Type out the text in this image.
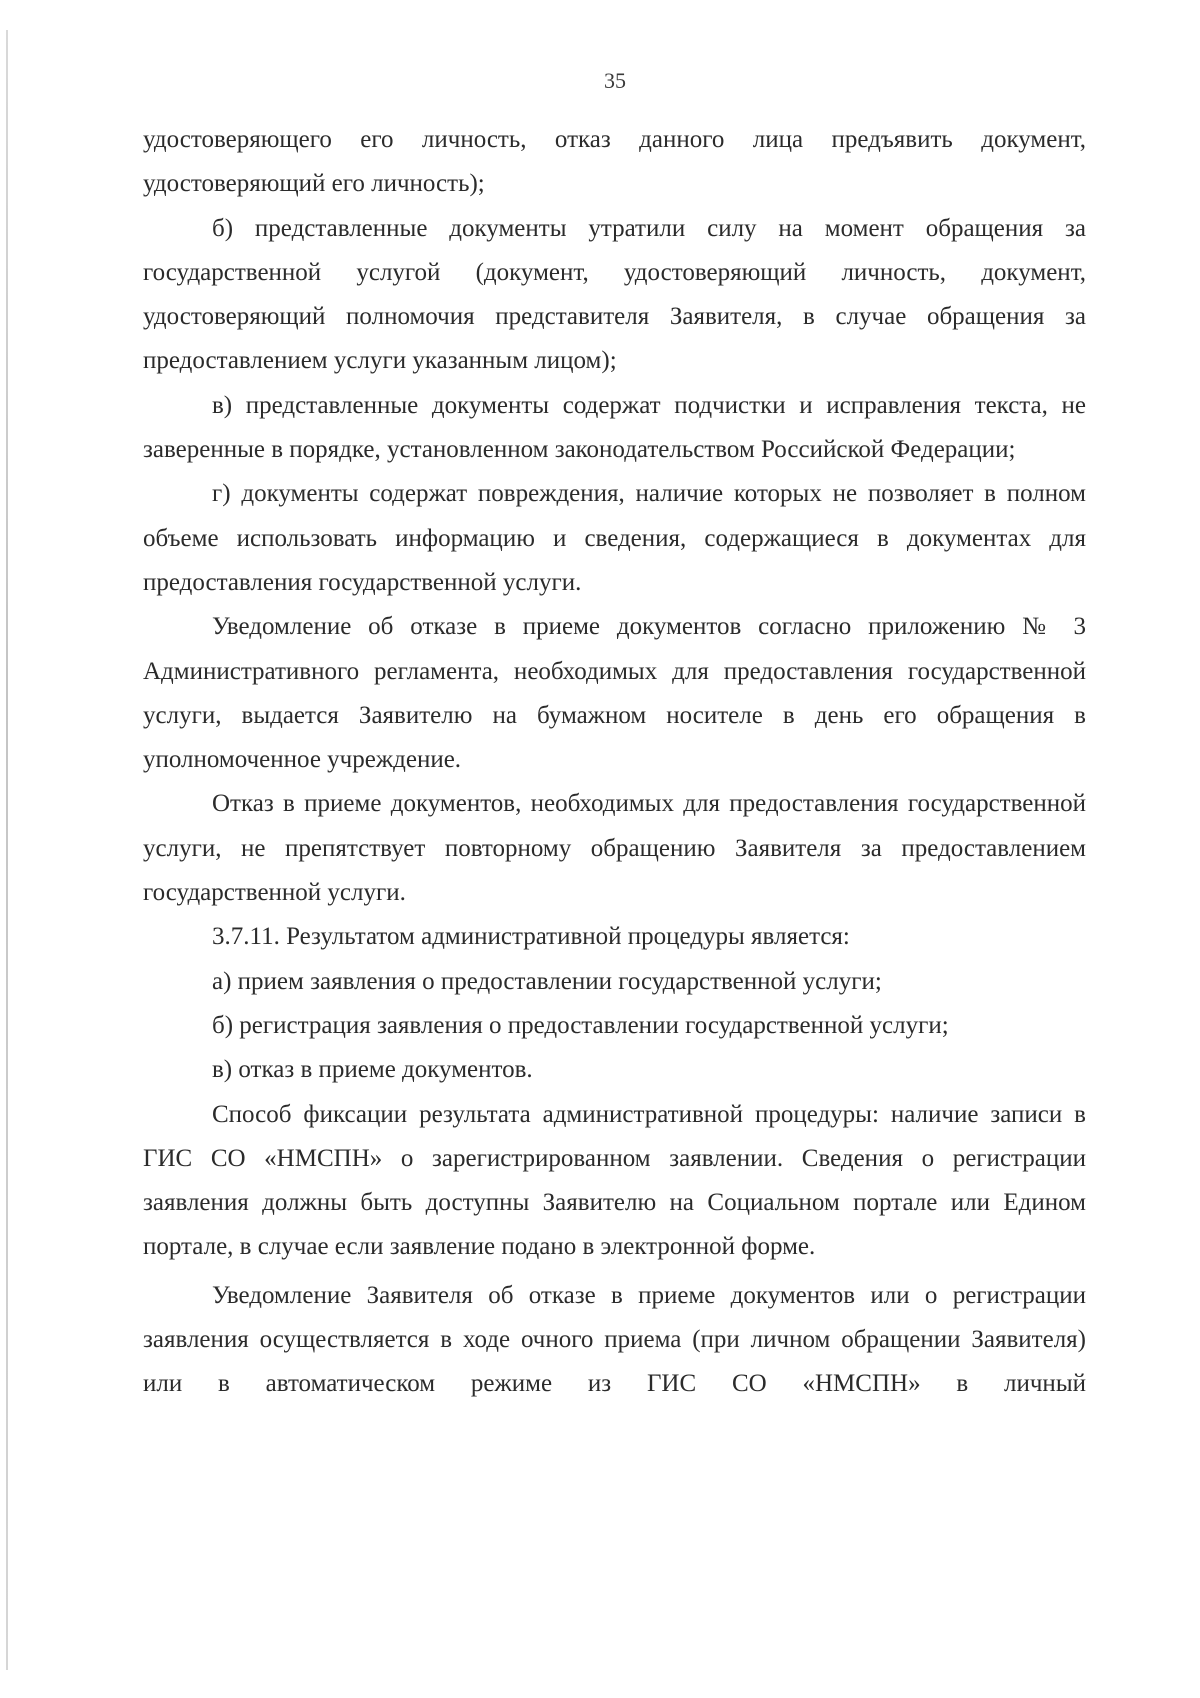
35

удостоверяющего его личность, отказ данного лица предъявить документ, удостоверяющий его личность);

б) представленные документы утратили силу на момент обращения за государственной услугой (документ, удостоверяющий личность, документ, удостоверяющий полномочия представителя Заявителя, в случае обращения за предоставлением услуги указанным лицом);

в) представленные документы содержат подчистки и исправления текста, не заверенные в порядке, установленном законодательством Российской Федерации;

г) документы содержат повреждения, наличие которых не позволяет в полном объеме использовать информацию и сведения, содержащиеся в документах для предоставления государственной услуги.

Уведомление об отказе в приеме документов согласно приложению № 3 Административного регламента, необходимых для предоставления государственной услуги, выдается Заявителю на бумажном носителе в день его обращения в уполномоченное учреждение.

Отказ в приеме документов, необходимых для предоставления государственной услуги, не препятствует повторному обращению Заявителя за предоставлением государственной услуги.

3.7.11. Результатом административной процедуры является:

а) прием заявления о предоставлении государственной услуги;

б) регистрация заявления о предоставлении государственной услуги;

в) отказ в приеме документов.

Способ фиксации результата административной процедуры: наличие записи в ГИС СО «НМСПН» о зарегистрированном заявлении. Сведения о регистрации заявления должны быть доступны Заявителю на Социальном портале или Едином портале, в случае если заявление подано в электронной форме.

Уведомление Заявителя об отказе в приеме документов или о регистрации заявления осуществляется в ходе очного приема (при личном обращении Заявителя) или в автоматическом режиме из ГИС СО «НМСПН» в личный
